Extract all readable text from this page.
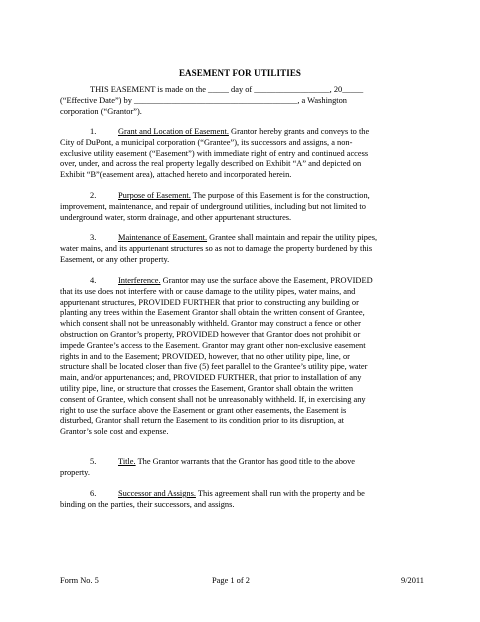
EASEMENT FOR UTILITIES
THIS EASEMENT is made on the _____ day of __________________, 20_____
(“Effective Date”) by _______________________________________, a Washington
corporation (“Grantor”).
1.	Grant and Location of Easement. Grantor hereby grants and conveys to the
City of DuPont, a municipal corporation (“Grantee”), its successors and assigns, a non-
exclusive utility easement (“Easement”) with immediate right of entry and continued access
over, under, and across the real property legally described on Exhibit “A” and depicted on
Exhibit “B”(easement area), attached hereto and incorporated herein.
2.	Purpose of Easement. The purpose of this Easement is for the construction,
improvement, maintenance, and repair of underground utilities, including but not limited to
underground water, storm drainage, and other appurtenant structures.
3.	Maintenance of Easement. Grantee shall maintain and repair the utility pipes,
water mains, and its appurtenant structures so as not to damage the property burdened by this
Easement, or any other property.
4.	Interference. Grantor may use the surface above the Easement, PROVIDED
that its use does not interfere with or cause damage to the utility pipes, water mains, and
appurtenant structures, PROVIDED FURTHER that prior to constructing any building or
planting any trees within the Easement Grantor shall obtain the written consent of Grantee,
which consent shall not be unreasonably withheld. Grantor may construct a fence or other
obstruction on Grantor’s property, PROVIDED however that Grantor does not prohibit or
impede Grantee’s access to the Easement. Grantor may grant other non-exclusive easement
rights in and to the Easement; PROVIDED, however, that no other utility pipe, line, or
structure shall be located closer than five (5) feet parallel to the Grantee’s utility pipe, water
main, and/or appurtenances; and, PROVIDED FURTHER, that prior to installation of any
utility pipe, line, or structure that crosses the Easement, Grantor shall obtain the written
consent of Grantee, which consent shall not be unreasonably withheld. If, in exercising any
right to use the surface above the Easement or grant other easements, the Easement is
disturbed, Grantor shall return the Easement to its condition prior to its disruption, at
Grantor’s sole cost and expense.
5.	Title. The Grantor warrants that the Grantor has good title to the above
property.
6.	Successor and Assigns. This agreement shall run with the property and be
binding on the parties, their successors, and assigns.
Form No. 5	Page 1 of 2	9/2011
